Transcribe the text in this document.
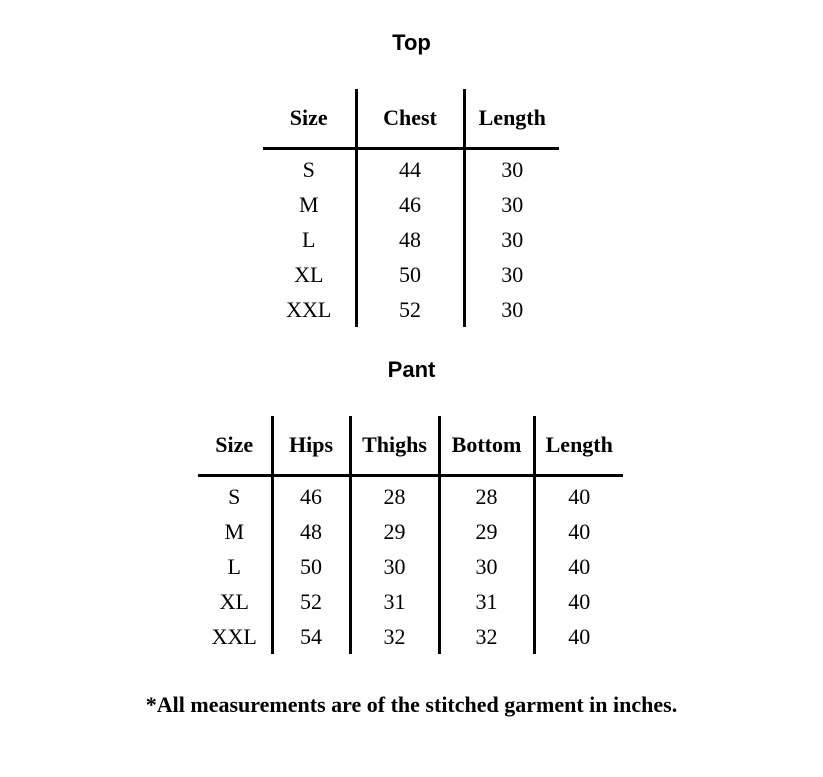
Top
Size	Chest	Length
S	44	30
M	46	30
L	48	30
XL	50	30
XXL	52	30
Pant
Size	Hips	Thighs	Bottom	Length
S	46	28	28	40
M	48	29	29	40
L	50	30	30	40
XL	52	31	31	40
XXL	54	32	32	40
*All measurements are of the stitched garment in inches.
